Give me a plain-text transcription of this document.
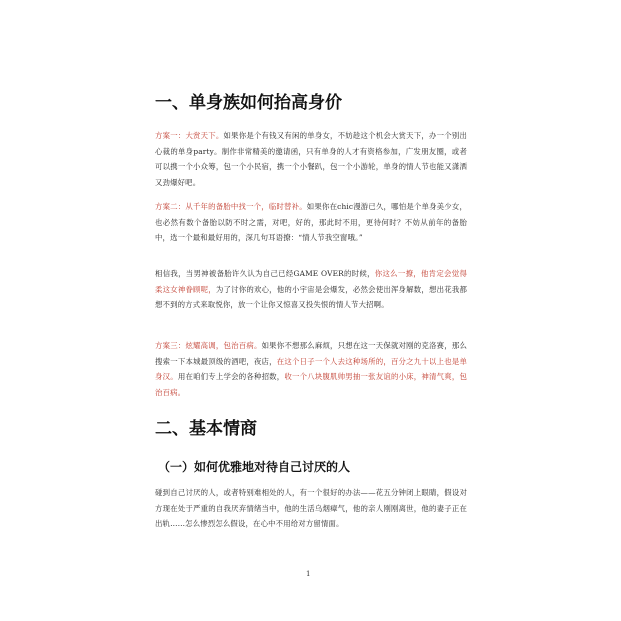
一、单身族如何抬高身价
方案一：大赏天下。如果你是个有钱又有闲的单身女，不妨趁这个机会大赏天下，办一个别出心裁的单身party。制作非常精美的邀请函，只有单身的人才有资格参加，广发朋友圈，或者可以携一个小众筹，包一个小民宿，携一个小餐趴，包一个小游轮，单身的情人节也能又潇洒又劲爆好吧。
方案二：从千年的备胎中找一个，临时替补。如果你在chic漫游已久，哪怕是个单身美少女，也必然有数个备胎以防不时之需，对吧，好的，那此时不用，更待何时？不妨从前年的备胎中，选一个最和最好用的，深几句耳语撩：“情人节我空窗哦。”
相信我，当男神被备胎许久认为自己已经GAME OVER的时候，你这么一撩，他肯定会觉得柔这女神眷顾呢，为了讨你的欢心，他的小宇宙是会爆发，必然会使出浑身解数，想出花我都想不到的方式来取悦你，放一个让你又惊喜又投失恨的情人节大招啊。
方案三：炫耀高调，包治百病。如果你不想那么麻烦，只想在这一天保就对刚的克洛赛，那么搜索一下本城最顶级的酒吧，夜店，在这个日子一个人去这种场所的，百分之九十以上也是单身汉。用在咱们专上学会的各种招数，收一个八块腹肌帅男抽一张友谊的小床，神清气爽，包治百病。
二、基本情商
（一）如何优雅地对待自己讨厌的人
碰到自己讨厌的人，或者特别难相处的人，有一个很好的办法——花五分钟闭上眼睛，假设对方现在处于严重的自我厌弃情绪当中，他的生活乌烟瘴气，他的亲人刚刚离世，他的妻子正在出轨……怎么惨烈怎么假设，在心中不用给对方留情面。
1
